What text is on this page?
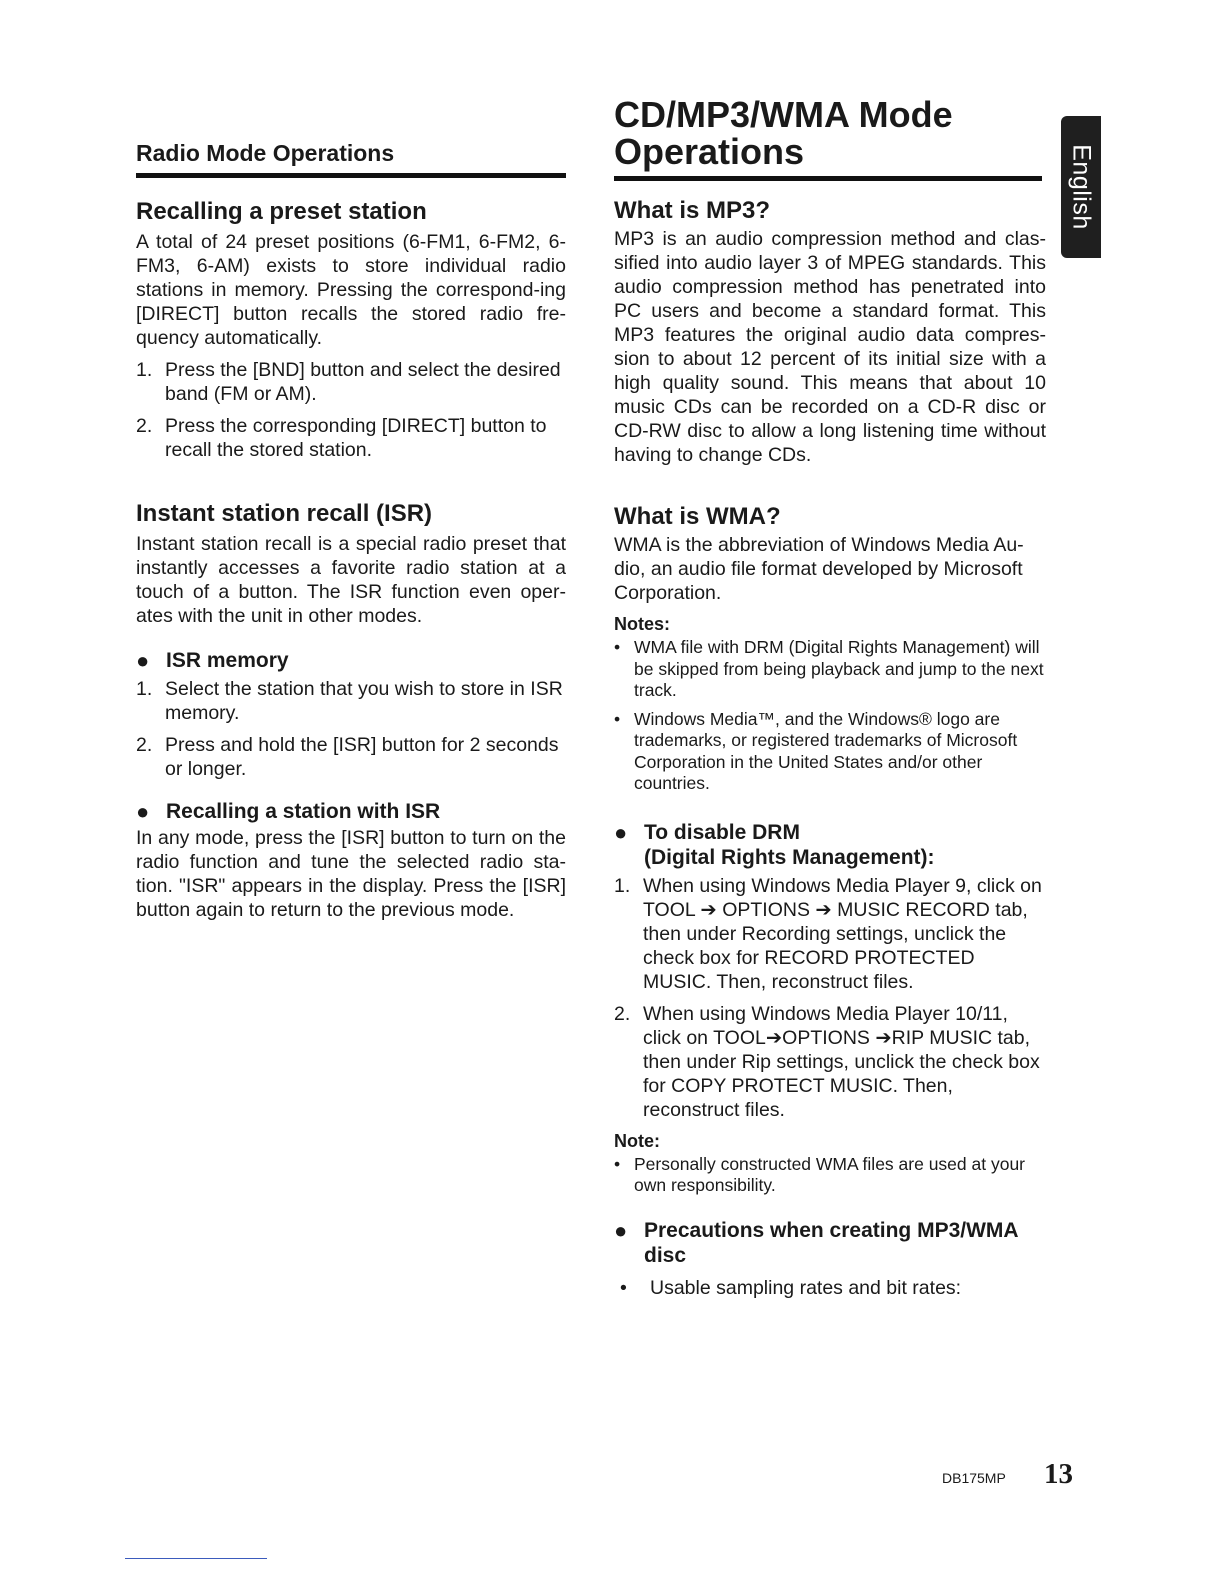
Radio Mode Operations
Recalling a preset station

A total of 24 preset positions (6-FM1, 6-FM2, 6-FM3, 6-AM) exists to store individual radio stations in memory. Pressing the correspond-ing [DIRECT] button recalls the stored radio fre-quency automatically.

1. Press the [BND] button and select the desired band (FM or AM).
2. Press the corresponding [DIRECT] button to recall the stored station.
Instant station recall (ISR)

Instant station recall is a special radio preset that instantly accesses a favorite radio station at a touch of a button. The ISR function even oper-ates with the unit in other modes.

● ISR memory
1. Select the station that you wish to store in ISR memory.
2. Press and hold the [ISR] button for 2 seconds or longer.
● Recalling a station with ISR

In any mode, press the [ISR] button to turn on the radio function and tune the selected radio sta-tion. "ISR" appears in the display. Press the [ISR] button again to return to the previous mode.

CD/MP3/WMA Mode
Operations
What is MP3?

MP3 is an audio compression method and clas-sified into audio layer 3 of MPEG standards. This audio compression method has penetrated into PC users and become a standard format. This MP3 features the original audio data compres-sion to about 12 percent of its initial size with a high quality sound. This means that about 10 music CDs can be recorded on a CD-R disc or CD-RW disc to allow a long listening time without having to change CDs.

What is WMA?

WMA is the abbreviation of Windows Media Au-dio, an audio file format developed by Microsoft Corporation.

Notes:
• WMA file with DRM (Digital Rights Management) will be skipped from being playback and jump to the next track.
• Windows Media™, and the Windows® logo are trademarks, or registered trademarks of Microsoft Corporation in the United States and/or other countries.
● To disable DRM
(Digital Rights Management):
1. When using Windows Media Player 9, click on TOOL ➔ OPTIONS ➔ MUSIC RECORD tab, then under Recording settings, unclick the check box for RECORD PROTECTED MUSIC. Then, reconstruct files.
2. When using Windows Media Player 10/11, click on TOOL➔OPTIONS ➔RIP MUSIC tab, then under Rip settings, unclick the check box for COPY PROTECT MUSIC. Then, reconstruct files.
Note:
• Personally constructed WMA files are used at your own responsibility.
● Precautions when creating MP3/WMA disc
•	Usable sampling rates and bit rates:
English
DB175MP 13
